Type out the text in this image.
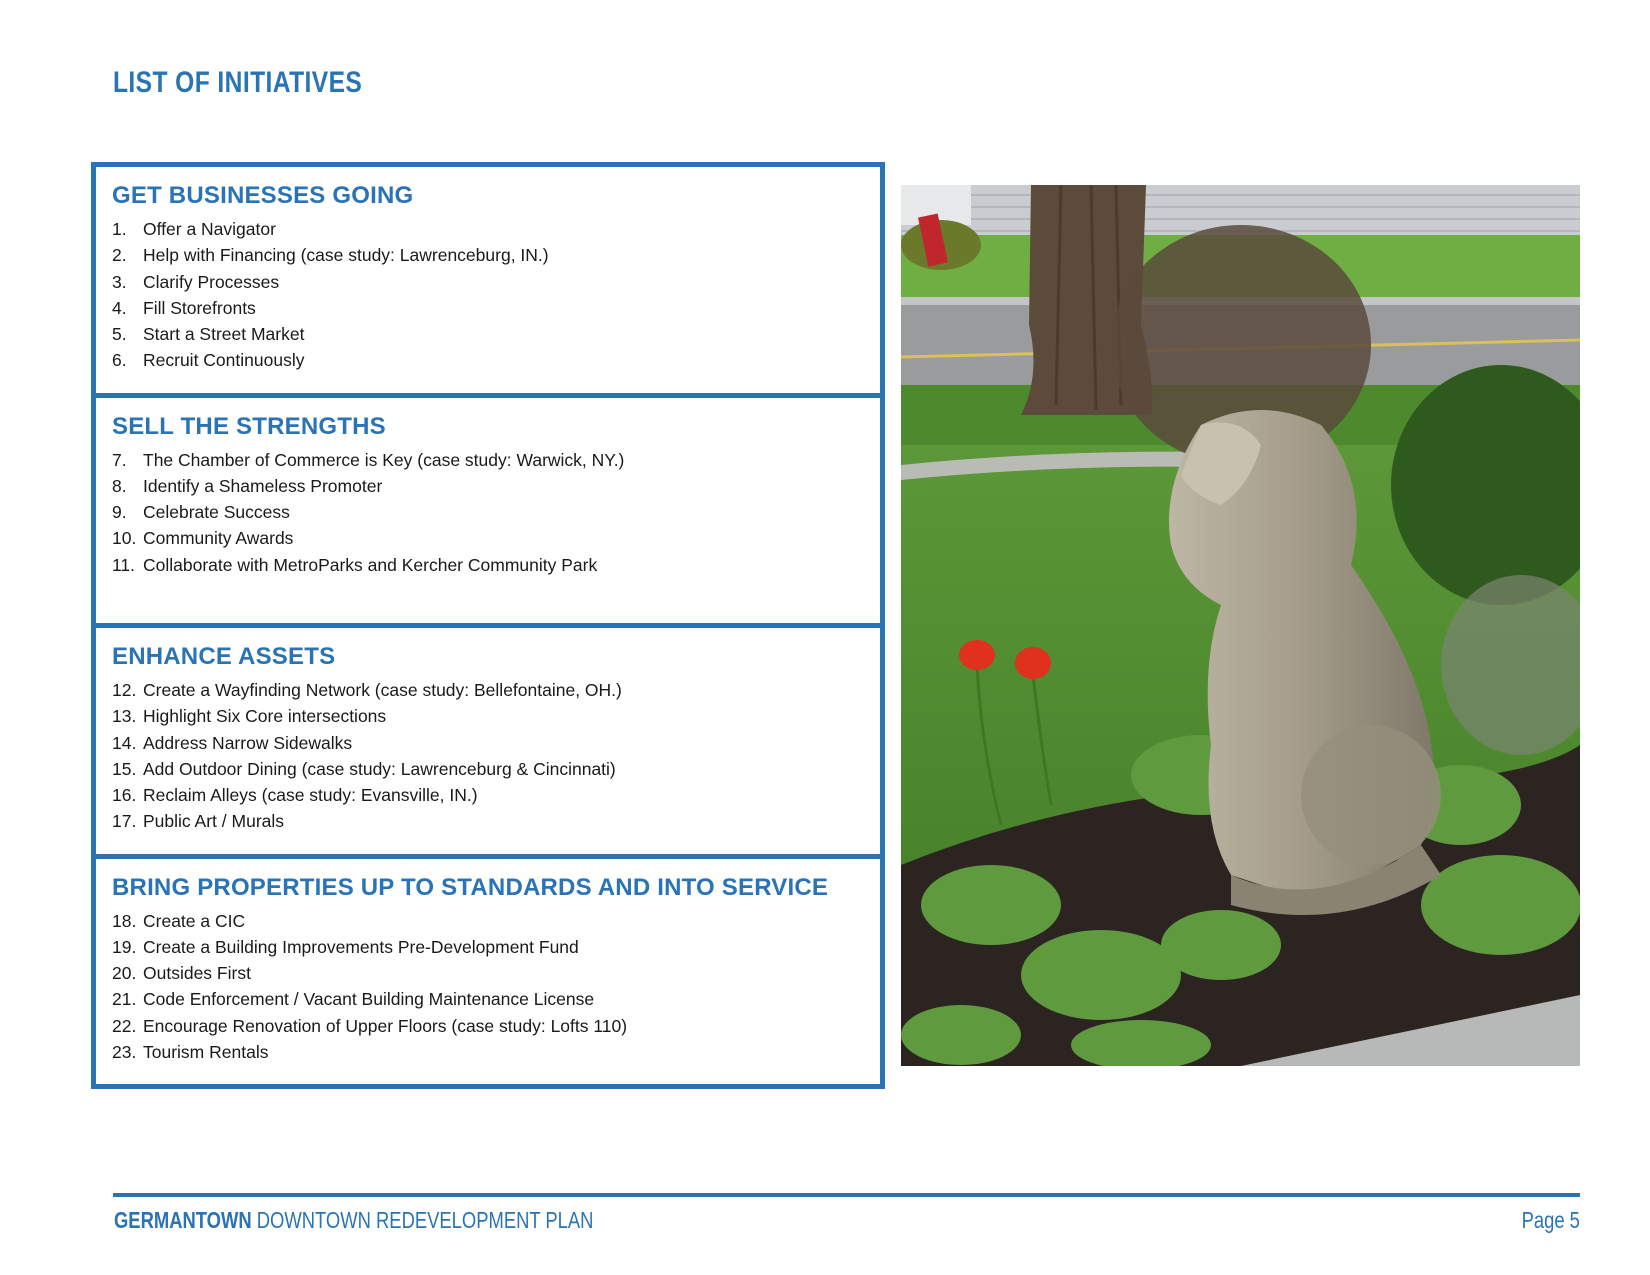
LIST OF INITIATIVES
GET BUSINESSES GOING
1. Offer a Navigator
2. Help with Financing (case study: Lawrenceburg, IN.)
3. Clarify Processes
4. Fill Storefronts
5. Start a Street Market
6. Recruit Continuously
SELL THE STRENGTHS
7. The Chamber of Commerce is Key (case study: Warwick, NY.)
8. Identify a Shameless Promoter
9. Celebrate Success
10. Community Awards
11. Collaborate with MetroParks and Kercher Community Park
ENHANCE ASSETS
12. Create a Wayfinding Network (case study: Bellefontaine, OH.)
13. Highlight Six Core intersections
14. Address Narrow Sidewalks
15. Add Outdoor Dining (case study: Lawrenceburg & Cincinnati)
16. Reclaim Alleys (case study: Evansville, IN.)
17. Public Art / Murals
BRING PROPERTIES UP TO STANDARDS AND INTO SERVICE
18. Create a CIC
19. Create a Building Improvements Pre-Development Fund
20. Outsides First
21. Code Enforcement / Vacant Building Maintenance License
22. Encourage Renovation of Upper Floors (case study: Lofts 110)
23. Tourism Rentals
GERMANTOWN DOWNTOWN REDEVELOPMENT PLAN	Page 5
